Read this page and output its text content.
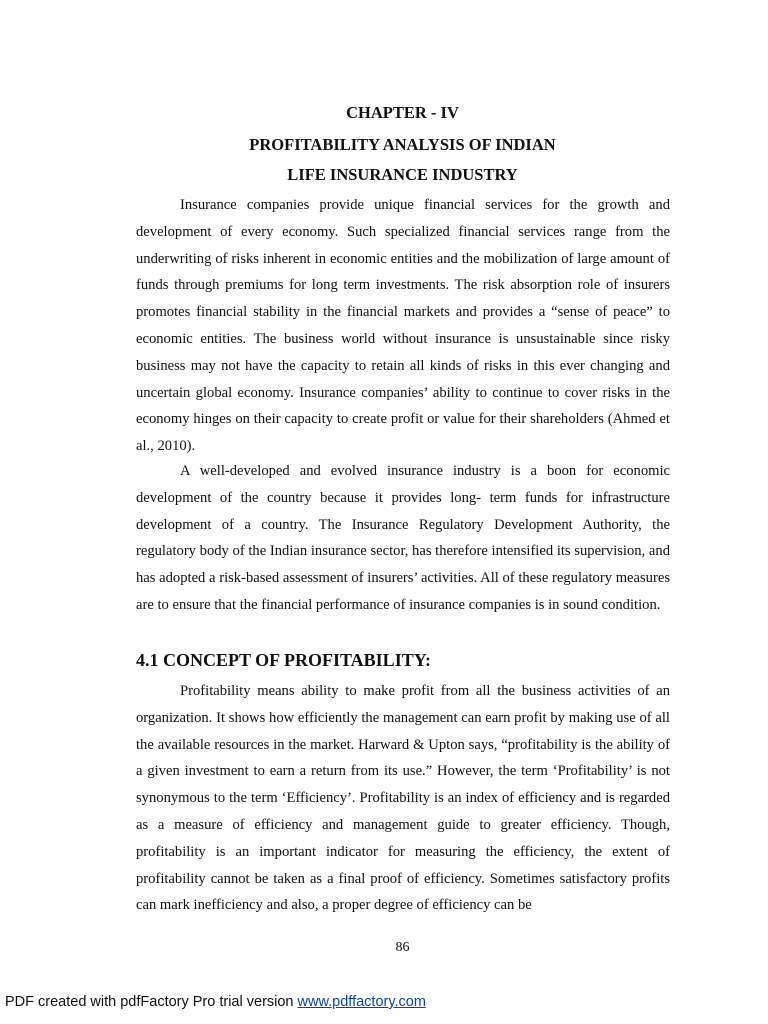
CHAPTER - IV
PROFITABILITY ANALYSIS OF INDIAN
LIFE INSURANCE INDUSTRY

Insurance companies provide unique financial services for the growth and development of every economy. Such specialized financial services range from the underwriting of risks inherent in economic entities and the mobilization of large amount of funds through premiums for long term investments. The risk absorption role of insurers promotes financial stability in the financial markets and provides a “sense of peace” to economic entities. The business world without insurance is unsustainable since risky business may not have the capacity to retain all kinds of risks in this ever changing and uncertain global economy. Insurance companies’ ability to continue to cover risks in the economy hinges on their capacity to create profit or value for their shareholders (Ahmed et al., 2010).

A well-developed and evolved insurance industry is a boon for economic development of the country because it provides long- term funds for infrastructure development of a country. The Insurance Regulatory Development Authority, the regulatory body of the Indian insurance sector, has therefore intensified its supervision, and has adopted a risk-based assessment of insurers’ activities. All of these regulatory measures are to ensure that the financial performance of insurance companies is in sound condition.

4.1 CONCEPT OF PROFITABILITY:

Profitability means ability to make profit from all the business activities of an organization. It shows how efficiently the management can earn profit by making use of all the available resources in the market. Harward & Upton says, “profitability is the ability of a given investment to earn a return from its use.” However, the term ‘Profitability’ is not synonymous to the term ‘Efficiency’. Profitability is an index of efficiency and is regarded as a measure of efficiency and management guide to greater efficiency. Though, profitability is an important indicator for measuring the efficiency, the extent of profitability cannot be taken as a final proof of efficiency. Sometimes satisfactory profits can mark inefficiency and also, a proper degree of efficiency can be

86
PDF created with pdfFactory Pro trial version www.pdffactory.com
